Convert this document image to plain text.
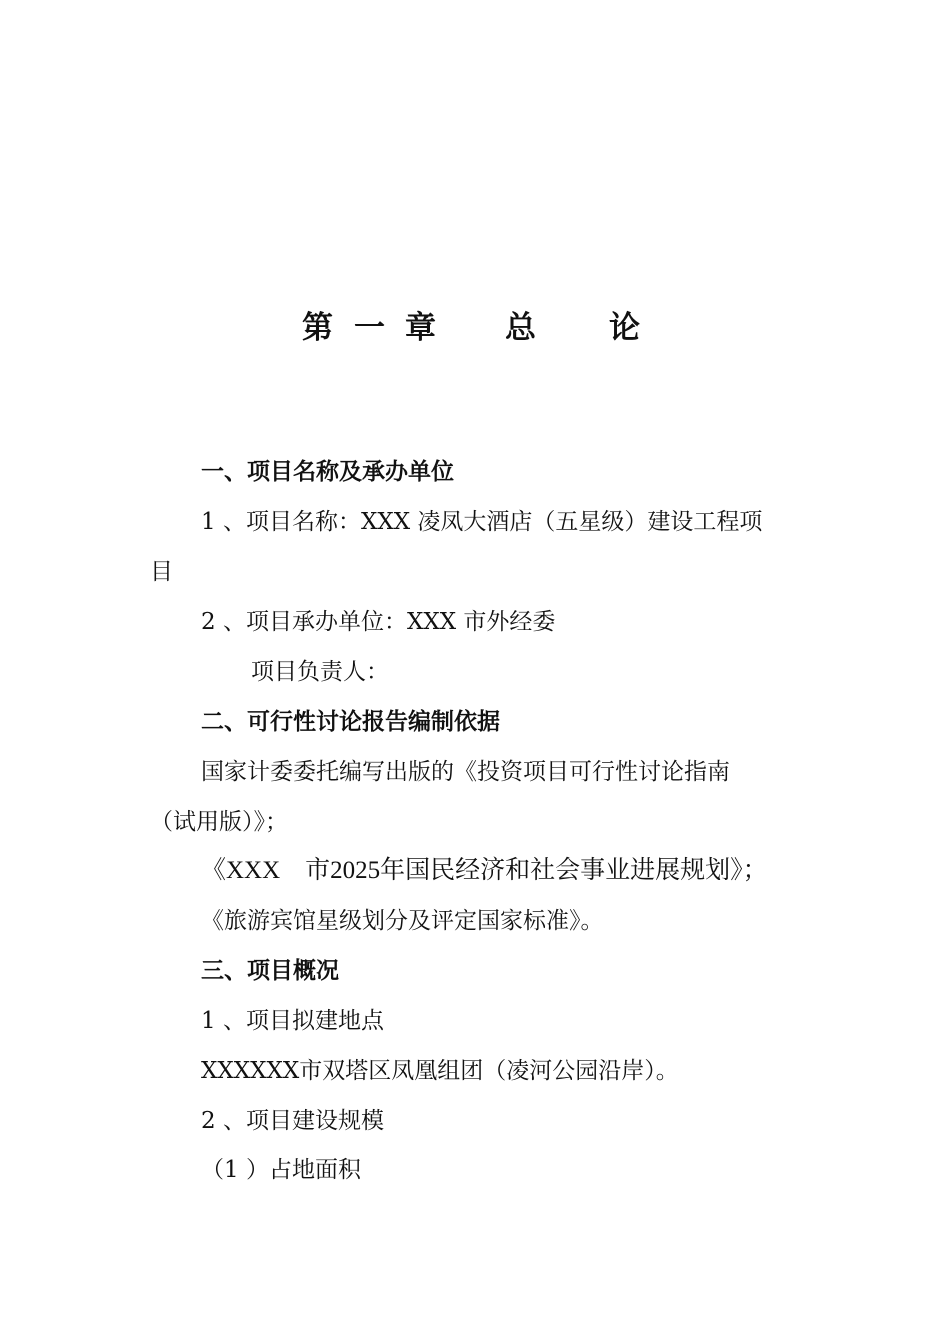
第 一 章 总 论
一、项目名称及承办单位
1 、项目名称：XXX 凌凤大酒店（五星级）建设工程项
目
2 、项目承办单位：XXX 市外经委
项目负责人：
二、可行性讨论报告编制依据
国家计委委托编写出版的《投资项目可行性讨论指南
（试用版）》；
《XXX　市2025年国民经济和社会事业进展规划》；
《旅游宾馆星级划分及评定国家标准》。
三、项目概况
1 、项目拟建地点
XXXXXX市双塔区凤凰组团（凌河公园沿岸）。
2 、项目建设规模
（1 ）占地面积
